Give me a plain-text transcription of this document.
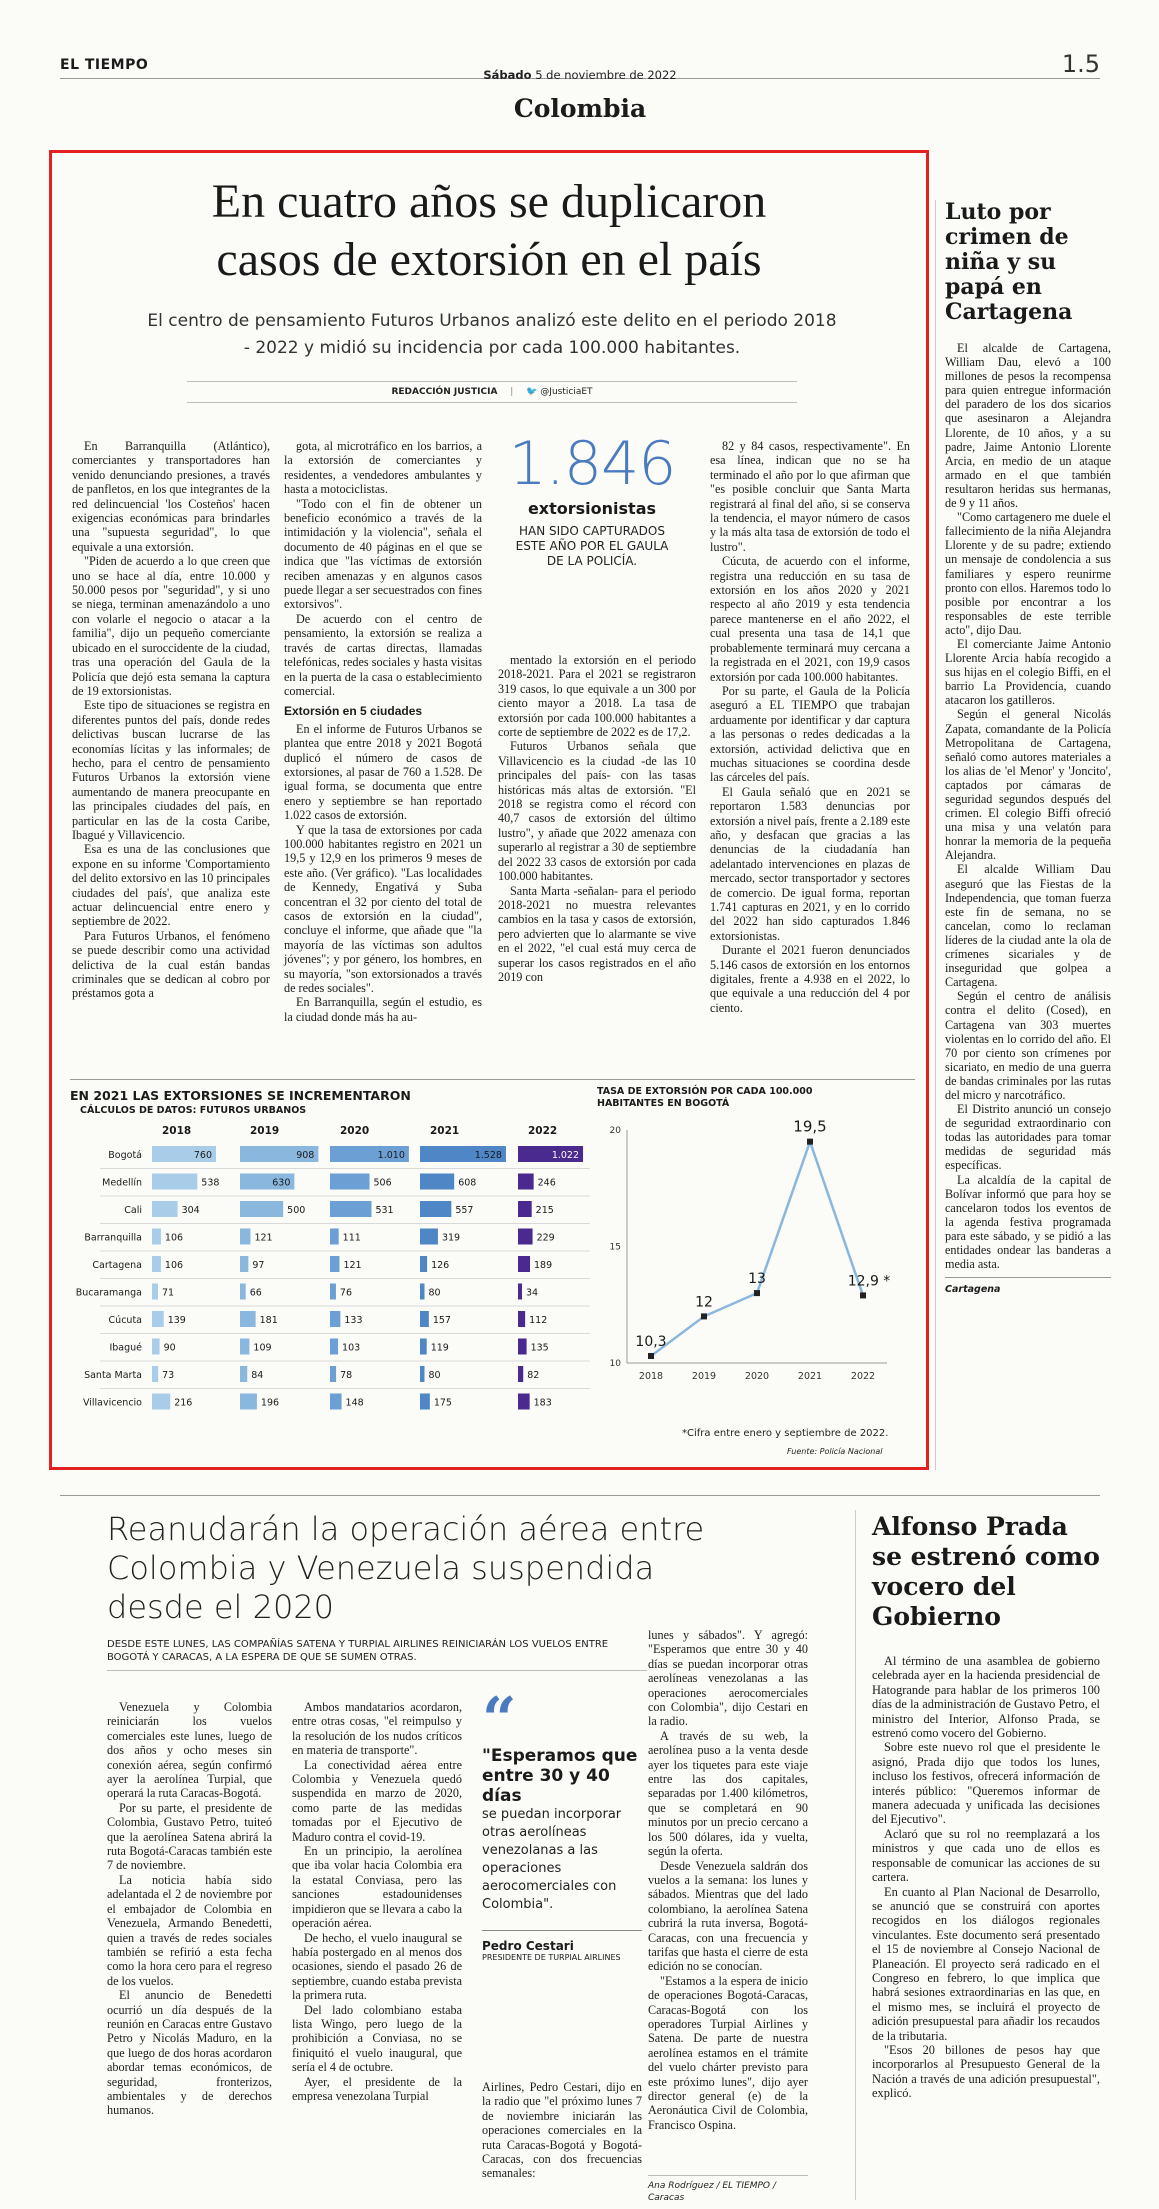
EL TIEMPO
Sábado 5 de noviembre de 2022
Colombia
1.5
En cuatro años se duplicaron
casos de extorsión en el país
El centro de pensamiento Futuros Urbanos analizó este delito en el periodo 2018 - 2022 y midió su incidencia por cada 100.000 habitantes.
REDACCIÓN JUSTICIA | 🐦 @JusticiaET

En Barranquilla (Atlántico), comerciantes y transportadores han venido denunciando presiones, a través de panfletos, en los que integrantes de la red delincuencial 'los Costeños' hacen exigencias económicas para brindarles una "supuesta seguridad", lo que equivale a una extorsión.

"Piden de acuerdo a lo que creen que uno se hace al día, entre 10.000 y 50.000 pesos por "seguridad", y si uno se niega, terminan amenazándolo a uno con volarle el negocio o atacar a la familia", dijo un pequeño comerciante ubicado en el suroccidente de la ciudad, tras una operación del Gaula de la Policía que dejó esta semana la captura de 19 extorsionistas.

Este tipo de situaciones se registra en diferentes puntos del país, donde redes delictivas buscan lucrarse de las economías lícitas y las informales; de hecho, para el centro de pensamiento Futuros Urbanos la extorsión viene aumentando de manera preocupante en las principales ciudades del país, en particular en las de la costa Caribe, Ibagué y Villavicencio.

Esa es una de las conclusiones que expone en su informe 'Comportamiento del delito extorsivo en las 10 principales ciudades del país', que analiza este actuar delincuencial entre enero y septiembre de 2022.

Para Futuros Urbanos, el fenómeno se puede describir como una actividad delictiva de la cual están bandas criminales que se dedican al cobro por préstamos gota a

gota, al microtráfico en los barrios, a la extorsión de comerciantes y residentes, a vendedores ambulantes y hasta a motociclistas.

"Todo con el fin de obtener un beneficio económico a través de la intimidación y la violencia", señala el documento de 40 páginas en el que se indica que "las víctimas de extorsión reciben amenazas y en algunos casos puede llegar a ser secuestrados con fines extorsivos".

De acuerdo con el centro de pensamiento, la extorsión se realiza a través de cartas directas, llamadas telefónicas, redes sociales y hasta visitas en la puerta de la casa o establecimiento comercial.

Extorsión en 5 ciudades

En el informe de Futuros Urbanos se plantea que entre 2018 y 2021 Bogotá duplicó el número de casos de extorsiones, al pasar de 760 a 1.528. De igual forma, se documenta que entre enero y septiembre se han reportado 1.022 casos de extorsión.

Y que la tasa de extorsiones por cada 100.000 habitantes registro en 2021 un 19,5 y 12,9 en los primeros 9 meses de este año. (Ver gráfico). "Las localidades de Kennedy, Engativá y Suba concentran el 32 por ciento del total de casos de extorsión en la ciudad", concluye el informe, que añade que "la mayoría de las víctimas son adultos jóvenes"; y por género, los hombres, en su mayoría, "son extorsionados a través de redes sociales".

En Barranquilla, según el estudio, es la ciudad donde más ha au-

1.846
extorsionistas
HAN SIDO CAPTURADOS ESTE AÑO POR EL GAULA DE LA POLICÍA.

mentado la extorsión en el periodo 2018-2021. Para el 2021 se registraron 319 casos, lo que equivale a un 300 por ciento mayor a 2018. La tasa de extorsión por cada 100.000 habitantes a corte de septiembre de 2022 es de 17,2.

Futuros Urbanos señala que Villavicencio es la ciudad -de las 10 principales del país- con las tasas históricas más altas de extorsión. "El 2018 se registra como el récord con 40,7 casos de extorsión del último lustro", y añade que 2022 amenaza con superarlo al registrar a 30 de septiembre del 2022 33 casos de extorsión por cada 100.000 habitantes.

Santa Marta -señalan- para el periodo 2018-2021 no muestra relevantes cambios en la tasa y casos de extorsión, pero advierten que lo alarmante se vive en el 2022, "el cual está muy cerca de superar los casos registrados en el año 2019 con

82 y 84 casos, respectivamente". En esa línea, indican que no se ha terminado el año por lo que afirman que "es posible concluir que Santa Marta registrará al final del año, si se conserva la tendencia, el mayor número de casos y la más alta tasa de extorsión de todo el lustro".

Cúcuta, de acuerdo con el informe, registra una reducción en su tasa de extorsión en los años 2020 y 2021 respecto al año 2019 y esta tendencia parece mantenerse en el año 2022, el cual presenta una tasa de 14,1 que probablemente terminará muy cercana a la registrada en el 2021, con 19,9 casos extorsión por cada 100.000 habitantes.

Por su parte, el Gaula de la Policía aseguró a EL TIEMPO que trabajan arduamente por identificar y dar captura a las personas o redes dedicadas a la extorsión, actividad delictiva que en muchas situaciones se coordina desde las cárceles del país.

El Gaula señaló que en 2021 se reportaron 1.583 denuncias por extorsión a nivel país, frente a 2.189 este año, y desfacan que gracias a las denuncias de la ciudadanía han adelantado intervenciones en plazas de mercado, sector transportador y sectores de comercio. De igual forma, reportan 1.741 capturas en 2021, y en lo corrido del 2022 han sido capturados 1.846 extorsionistas.

Durante el 2021 fueron denunciados 5.146 casos de extorsión en los entornos digitales, frente a 4.938 en el 2022, lo que equivale a una reducción del 4 por ciento.

EN 2021 LAS EXTORSIONES SE INCREMENTARON
CÁLCULOS DE DATOS: FUTUROS URBANOS
2018	2019	2020	2021	2022
Bogotá	760	908	1.010	1.528	1.022
Medellín	538	630	506	608	246
Cali	304	500	531	557	215
Barranquilla 106	121	111	319	229
Cartagena 106	97	121	126	189
Bucaramanga 71	66	76	80	34
Cúcuta	139	181	133	157	112
Ibagué 90	109	103	119	135
Santa Marta 73	84	78	80	82
Villavicencio	216	196	148	175	183
TASA DE EXTORSIÓN POR CADA 100.000 HABITANTES EN BOGOTÁ
10
15
20
2018	2019	2020	2021	2022
10,3
12
13
19,5
12,9 *
*Cifra entre enero y septiembre de 2022.
Fuente: Policía Nacional
Luto por crimen de niña y su papá en Cartagena

El alcalde de Cartagena, William Dau, elevó a 100 millones de pesos la recompensa para quien entregue información del paradero de los dos sicarios que asesinaron a Alejandra Llorente, de 10 años, y a su padre, Jaime Antonio Llorente Arcia, en medio de un ataque armado en el que también resultaron heridas sus hermanas, de 9 y 11 años.

"Como cartagenero me duele el fallecimiento de la niña Alejandra Llorente y de su padre; extiendo un mensaje de condolencia a sus familiares y espero reunirme pronto con ellos. Haremos todo lo posible por encontrar a los responsables de este terrible acto", dijo Dau.

El comerciante Jaime Antonio Llorente Arcia había recogido a sus hijas en el colegio Biffi, en el barrio La Providencia, cuando atacaron los gatilleros.

Según el general Nicolás Zapata, comandante de la Policía Metropolitana de Cartagena, señaló como autores materiales a los alias de 'el Menor' y 'Joncito', captados por cámaras de seguridad segundos después del crimen. El colegio Biffi ofreció una misa y una velatón para honrar la memoria de la pequeña Alejandra.

El alcalde William Dau aseguró que las Fiestas de la Independencia, que toman fuerza este fin de semana, no se cancelan, como lo reclaman líderes de la ciudad ante la ola de crímenes sicariales y de inseguridad que golpea a Cartagena.

Según el centro de análisis contra el delito (Cosed), en Cartagena van 303 muertes violentas en lo corrido del año. El 70 por ciento son crímenes por sicariato, en medio de una guerra de bandas criminales por las rutas del micro y narcotráfico.

El Distrito anunció un consejo de seguridad extraordinario con todas las autoridades para tomar medidas de seguridad más específicas.

La alcaldía de la capital de Bolívar informó que para hoy se cancelaron todos los eventos de la agenda festiva programada para este sábado, y se pidió a las entidades ondear las banderas a media asta.

Cartagena
Reanudarán la operación aérea entre Colombia y Venezuela suspendida desde el 2020
DESDE ESTE LUNES, LAS COMPAÑÍAS SATENA Y TURPIAL AIRLINES REINICIARÁN LOS VUELOS ENTRE BOGOTÁ Y CARACAS, A LA ESPERA DE QUE SE SUMEN OTRAS.

Venezuela y Colombia reiniciarán los vuelos comerciales este lunes, luego de dos años y ocho meses sin conexión aérea, según confirmó ayer la aerolínea Turpial, que operará la ruta Caracas-Bogotá.

Por su parte, el presidente de Colombia, Gustavo Petro, tuiteó que la aerolínea Satena abrirá la ruta Bogotá-Caracas también este 7 de noviembre.

La noticia había sido adelantada el 2 de noviembre por el embajador de Colombia en Venezuela, Armando Benedetti, quien a través de redes sociales también se refirió a esta fecha como la hora cero para el regreso de los vuelos.

El anuncio de Benedetti ocurrió un día después de la reunión en Caracas entre Gustavo Petro y Nicolás Maduro, en la que luego de dos horas acordaron abordar temas económicos, de seguridad, fronterizos, ambientales y de derechos humanos.

Ambos mandatarios acordaron, entre otras cosas, "el reimpulso y la resolución de los nudos críticos en materia de transporte".

La conectividad aérea entre Colombia y Venezuela quedó suspendida en marzo de 2020, como parte de las medidas tomadas por el Ejecutivo de Maduro contra el covid-19.

En un principio, la aerolínea que iba volar hacia Colombia era la estatal Conviasa, pero las sanciones estadounidenses impidieron que se llevara a cabo la operación aérea.

De hecho, el vuelo inaugural se había postergado en al menos dos ocasiones, siendo el pasado 26 de septiembre, cuando estaba prevista la primera ruta.

Del lado colombiano estaba lista Wingo, pero luego de la prohibición a Conviasa, no se finiquitó el vuelo inaugural, que sería el 4 de octubre.

Ayer, el presidente de la empresa venezolana Turpial

“
"Esperamos que entre 30 y 40 días
se puedan incorporar otras aerolíneas venezolanas a las operaciones aerocomerciales con Colombia".
Pedro Cestari
PRESIDENTE DE TURPIAL AIRLINES

Airlines, Pedro Cestari, dijo en la radio que "el próximo lunes 7 de noviembre iniciarán las operaciones comerciales en la ruta Caracas-Bogotá y Bogotá-Caracas, con dos frecuencias semanales:

lunes y sábados". Y agregó: "Esperamos que entre 30 y 40 días se puedan incorporar otras aerolíneas venezolanas a las operaciones aerocomerciales con Colombia", dijo Cestari en la radio.

A través de su web, la aerolínea puso a la venta desde ayer los tiquetes para este viaje entre las dos capitales, separadas por 1.400 kilómetros, que se completará en 90 minutos por un precio cercano a los 500 dólares, ida y vuelta, según la oferta.

Desde Venezuela saldrán dos vuelos a la semana: los lunes y sábados. Mientras que del lado colombiano, la aerolínea Satena cubrirá la ruta inversa, Bogotá-Caracas, con una frecuencia y tarifas que hasta el cierre de esta edición no se conocían.

"Estamos a la espera de inicio de operaciones Bogotá-Caracas, Caracas-Bogotá con los operadores Turpial Airlines y Satena. De parte de nuestra aerolínea estamos en el trámite del vuelo chárter previsto para este próximo lunes", dijo ayer director general (e) de la Aeronáutica Civil de Colombia, Francisco Ospina.

Ana Rodríguez / EL TIEMPO / Caracas
Alfonso Prada se estrenó como vocero del Gobierno

Al término de una asamblea de gobierno celebrada ayer en la hacienda presidencial de Hatogrande para hablar de los primeros 100 días de la administración de Gustavo Petro, el ministro del Interior, Alfonso Prada, se estrenó como vocero del Gobierno.

Sobre este nuevo rol que el presidente le asignó, Prada dijo que todos los lunes, incluso los festivos, ofrecerá información de interés público: "Queremos informar de manera adecuada y unificada las decisiones del Ejecutivo".

Aclaró que su rol no reemplazará a los ministros y que cada uno de ellos es responsable de comunicar las acciones de su cartera.

En cuanto al Plan Nacional de Desarrollo, se anunció que se construirá con aportes recogidos en los diálogos regionales vinculantes. Este documento será presentado el 15 de noviembre al Consejo Nacional de Planeación. El proyecto será radicado en el Congreso en febrero, lo que implica que habrá sesiones extraordinarias en las que, en el mismo mes, se incluirá el proyecto de adición presupuestal para añadir los recaudos de la tributaria.

"Esos 20 billones de pesos hay que incorporarlos al Presupuesto General de la Nación a través de una adición presupuestal", explicó.
